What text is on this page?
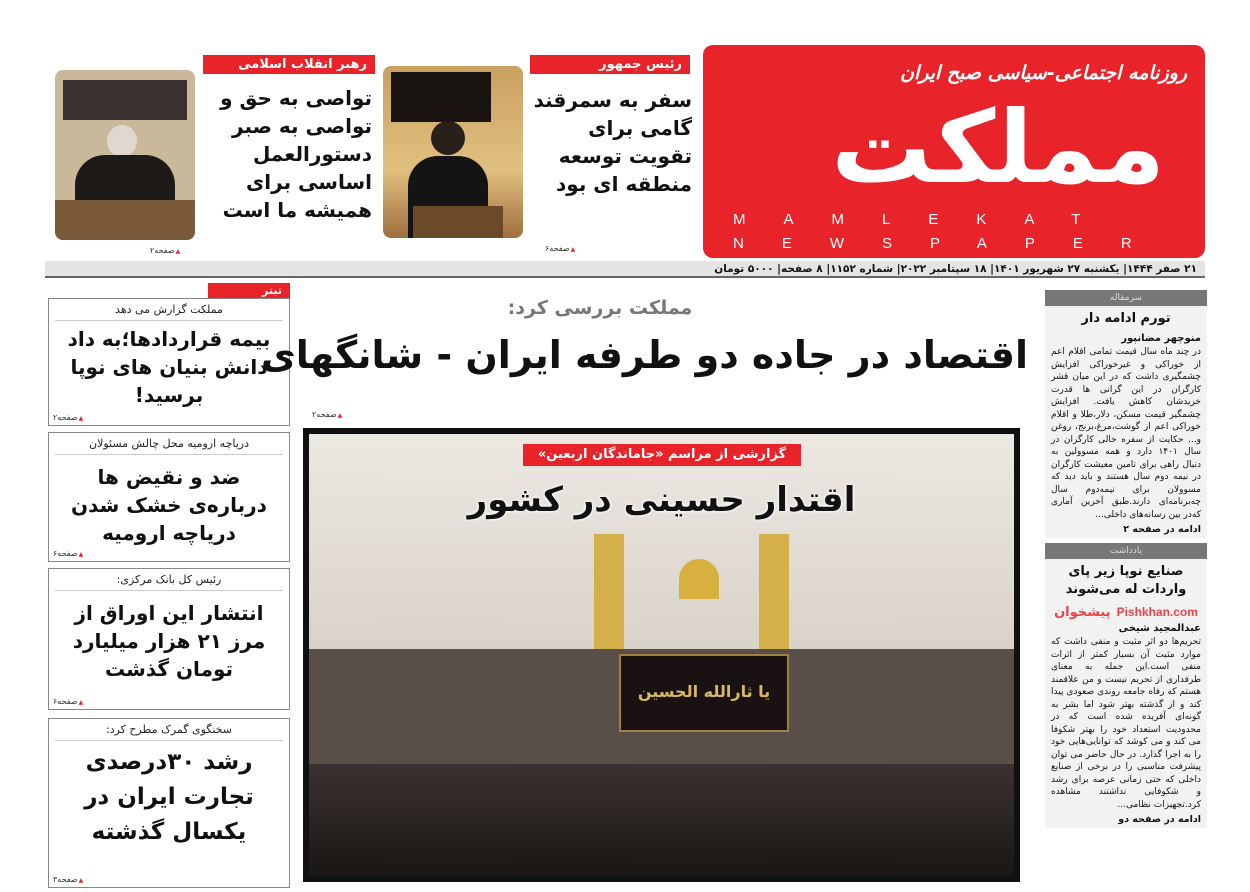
روزنامه اجتماعی-سیاسی صبح ایران
مملکت
MAMLEKAT
NEWSPAPER
رئیس جمهور
سفر به سمرقند گامی برای تقویت توسعه منطقه ای بود
▲ صفحه۶
رهبر انقلاب اسلامی
تواصی به حق و تواصی به صبر دستورالعمل اساسی برای همیشه ما است
▲ صفحه۲
۲۱ صفر ۱۴۴۴| یکشنبه ۲۷ شهریور ۱۴۰۱| ۱۸ سپتامبر ۲۰۲۲| شماره ۱۱۵۲| ۸ صفحه| ۵۰۰۰ تومان
تیتر
مملکت گزارش می دهد
بیمه قراردادها؛به داد دانش بنیان های نوپا برسید!
▲ صفحه۲
دریاچه ارومیه محل چالش مسئولان
ضد و نقیض ها درباره‌ی خشک شدن دریاچه ارومیه
▲ صفحه۶
رئیس کل بانک مرکزی:
انتشار این اوراق از مرز ۲۱ هزار میلیارد تومان گذشت
▲ صفحه۶
سخنگوی گمرک مطرح کرد:
رشد ۳۰درصدی تجارت ایران در یکسال گذشته
▲ صفحه۳
مملکت بررسی کرد:
اقتصاد در جاده دو طرفه ایران - شانگهای
▲ صفحه۲
یا ثارالله الحسین
گزارشی از مراسم «جاماندگان اربعین»
اقتدار حسینی در کشور
سرمقاله
تورم ادامه دار
منوچهر مضانپور
در چند ماه سال قیمت تمامی اقلام اعم از خوراکی و غیرخوراکی افزایش چشمگیری داشت که در این میان قشر کارگران در این گرانی ها قدرت خریدشان کاهش یافت. افزایش چشمگیر قیمت مسکن، دلار،طلا و اقلام خوراکی اعم از گوشت،مرغ،برنج، روغن و... حکایت از سفره خالی کارگران در سال ۱۴۰۱ دارد و همه مسوولین به دنبال راهی برای تامین معیشت کارگران در نیمه دوم سال هستند و باید دید که مسوولان برای نیمه‌دوم سال چه‌برنامه‌ای دارند.طبق آخرین آماری که‌در بین رسانه‌های داخلی...
ادامه در صفحه ۲
یادداشت
صنایع نوپا زیر پای واردات له می‌شوند
پیشخوان Pishkhan.com
عبدالمجید شیخی
تحریم‌ها دو اثر مثبت و منفی داشت که موارد مثبت آن بسیار کمتر از اثرات منفی است.این جمله به معنای طرفداری از تحریم نیست و من علاقمند هستم که رفاه جامعه روندی صعودی پیدا کند و از گذشته بهتر شود اما بشر به گونه‌ای آفریده شده است که در محدودیت استعداد خود را بهتر شکوفا می کند و می کوشد که توانایی‌هایی خود را به اجرا گذارد. در حال حاضر می توان پیشرفت مناسبی را در برخی از صنایع داخلی که حتی زمانی عرصه برای رشد و شکوفایی نداشتند مشاهده کرد.تجهیزات نظامی...
ادامه در صفحه دو
